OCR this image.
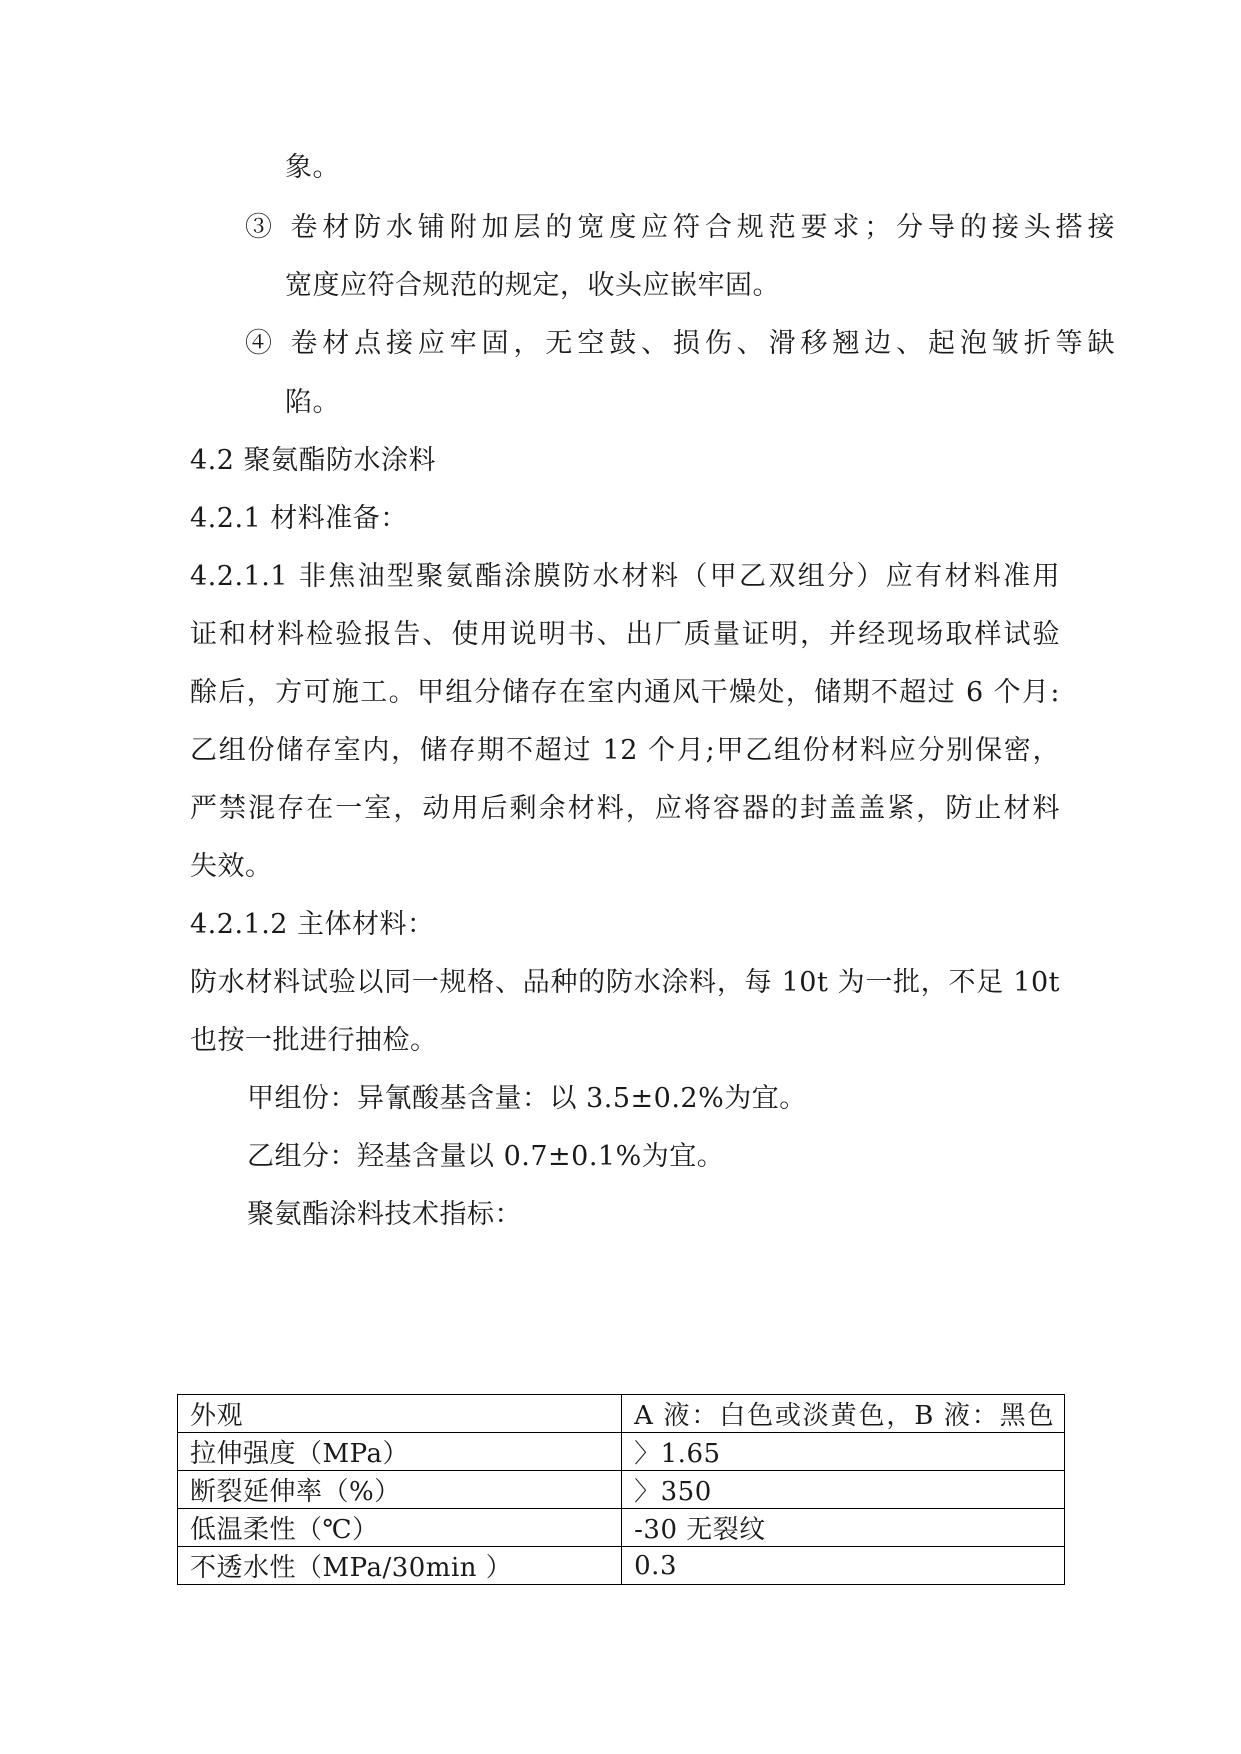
象。
③ 卷材防水铺附加层的宽度应符合规范要求；分导的接头搭接
宽度应符合规范的规定，收头应嵌牢固。
④ 卷材点接应牢固，无空鼓、损伤、滑移翘边、起泡皱折等缺
陷。
4.2 聚氨酯防水涂料
4.2.1 材料准备：
4.2.1.1 非焦油型聚氨酯涂膜防水材料（甲乙双组分）应有材料准用
证和材料检验报告、使用说明书、出厂质量证明，并经现场取样试验
酴后，方可施工。甲组分储存在室内通风干燥处，储期不超过 6 个月:
乙组份储存室内，储存期不超过 12 个月;甲乙组份材料应分别保密，
严禁混存在一室，动用后剩余材料，应将容器的封盖盖紧，防止材料
失效。
4.2.1.2 主体材料：
防水材料试验以同一规格、品种的防水涂料，每 10t 为一批，不足 10t
也按一批进行抽检。
甲组份：异氰酸基含量：以 3.5±0.2%为宜。
乙组分：羟基含量以 0.7±0.1%为宜。
聚氨酯涂料技术指标：
外观	A 液：白色或淡黄色，B 液：黑色

拉伸强度（MPa）	〉1.65
断裂延伸率（%）	〉350
低温柔性（℃）	-30 无裂纹
不透水性（MPa/30min ）	0.3
